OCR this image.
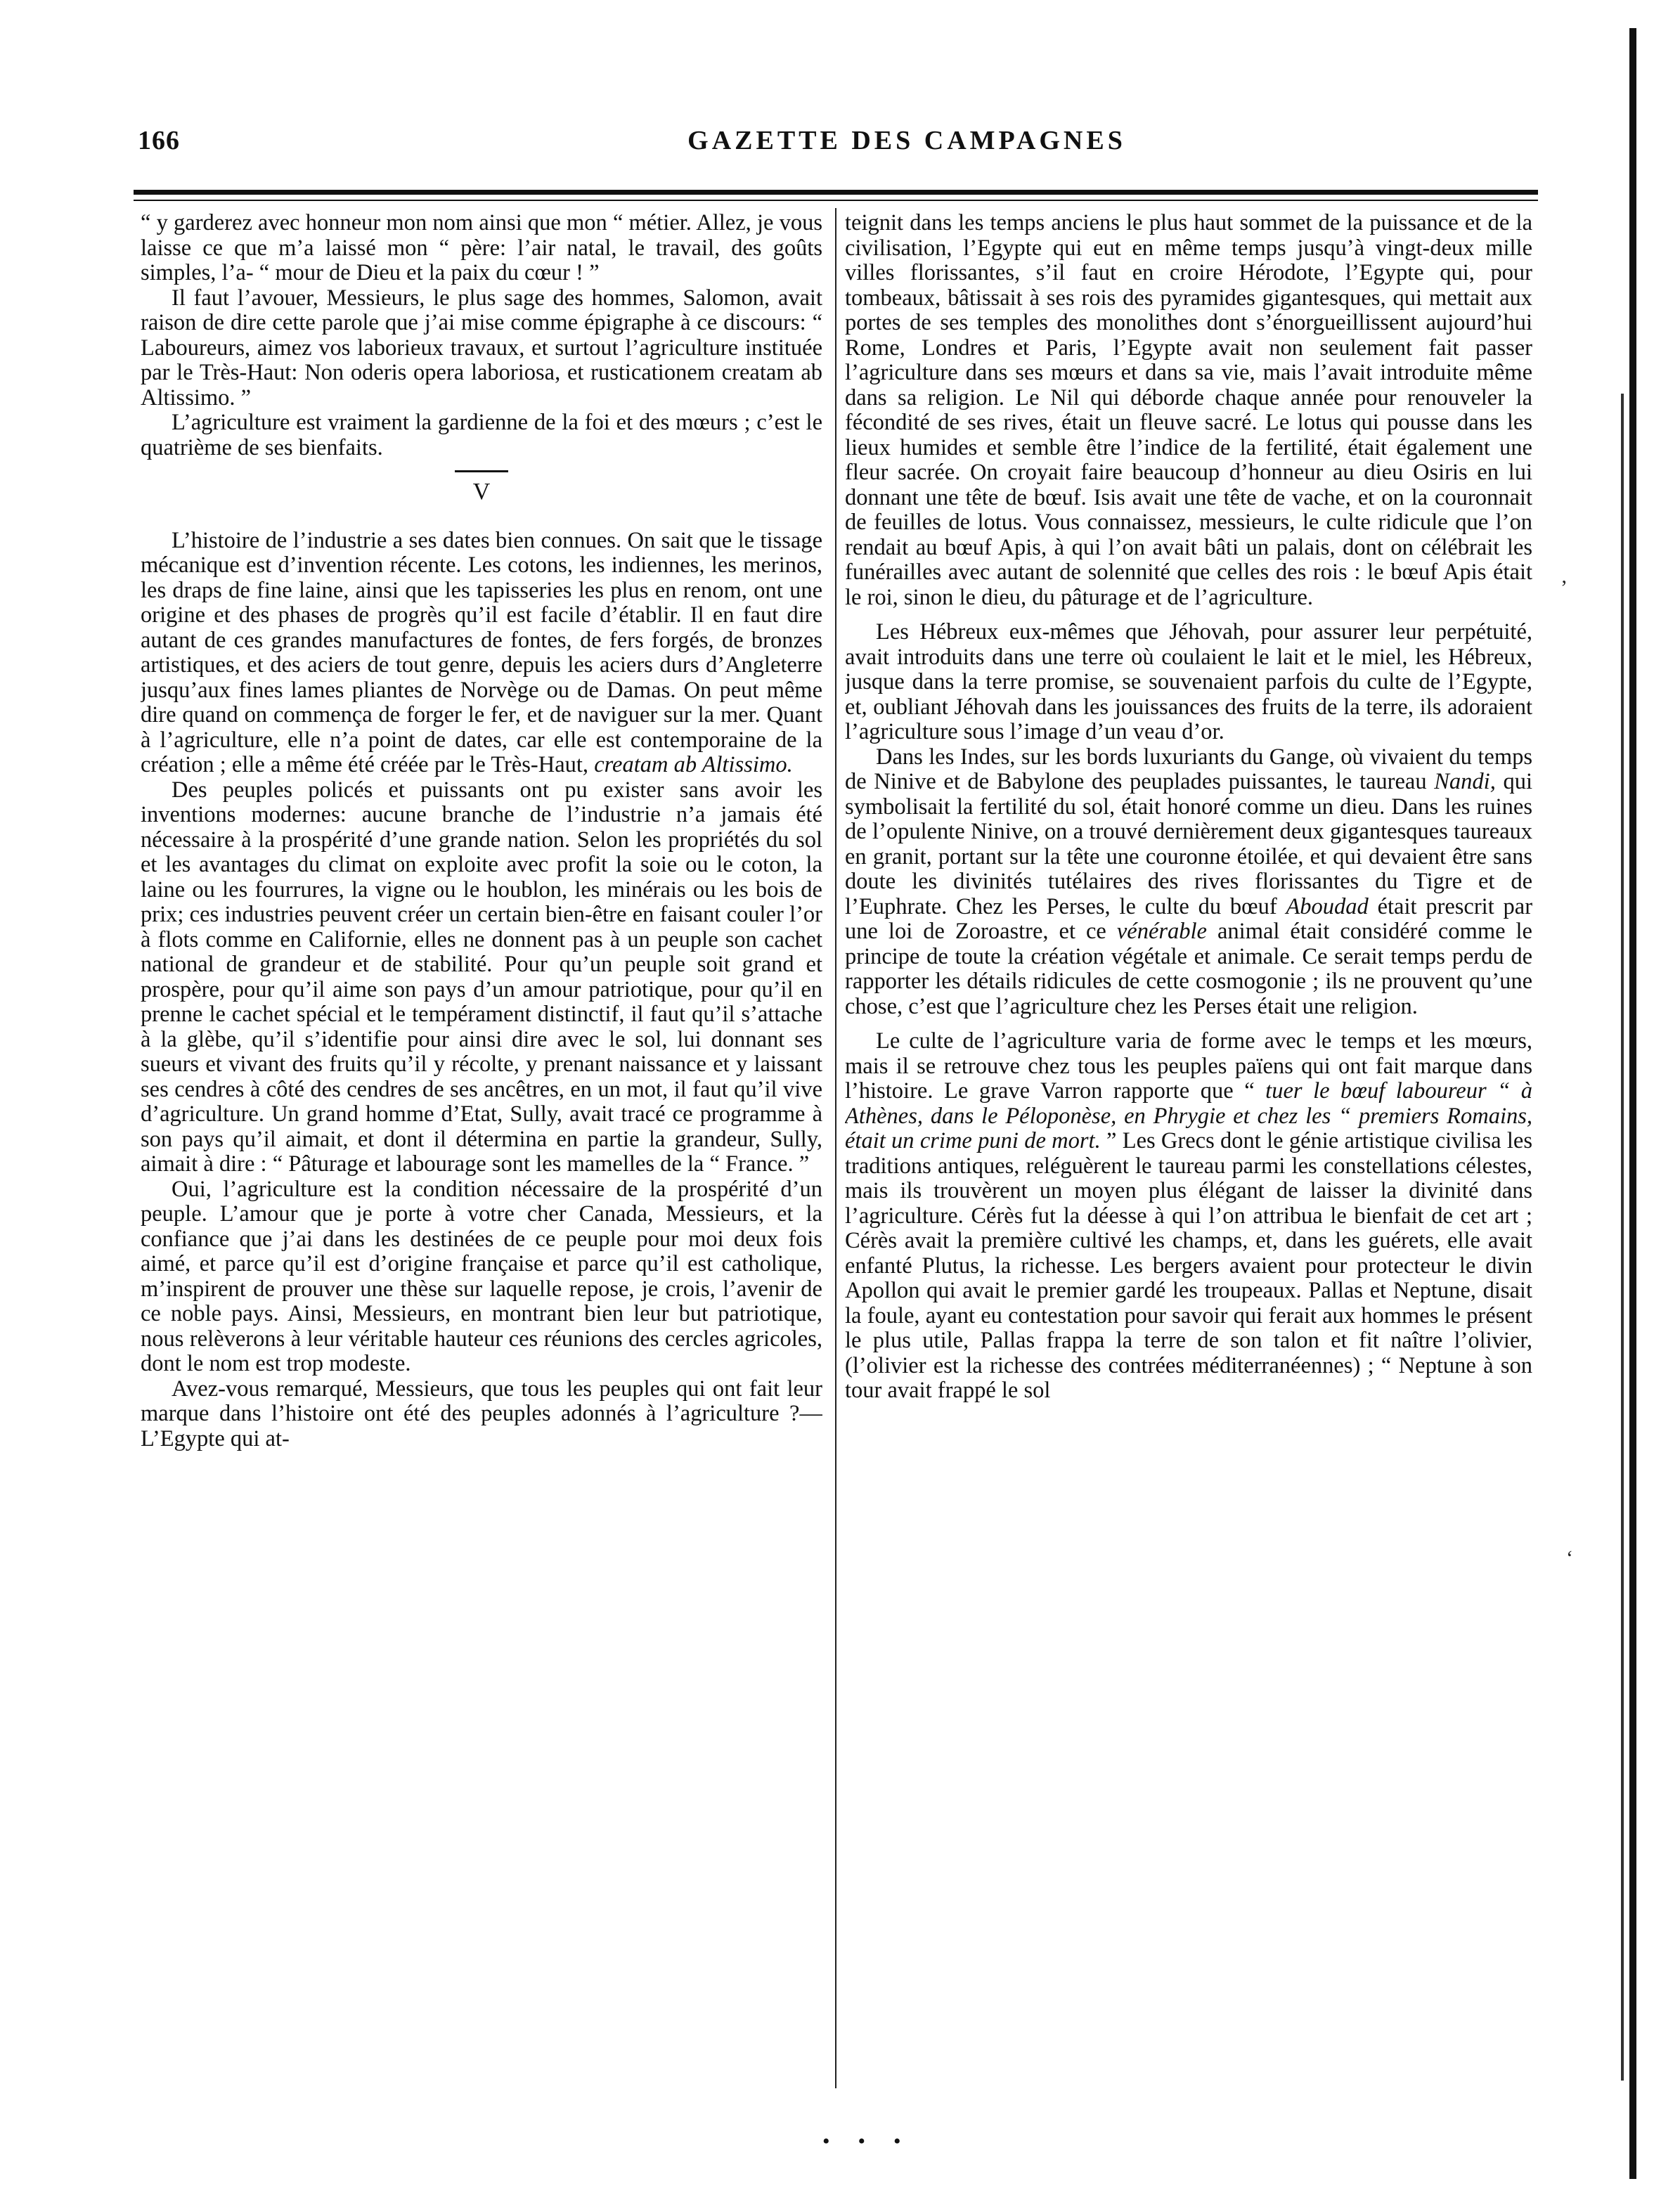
166	GAZETTE DES CAMPAGNES

“ y garderez avec honneur mon nom ainsi que mon “ métier. Allez, je vous laisse ce que m’a laissé mon “ père: l’air natal, le travail, des goûts simples, l’a- “ mour de Dieu et la paix du cœur ! ”

Il faut l’avouer, Messieurs, le plus sage des hommes, Salomon, avait raison de dire cette parole que j’ai mise comme épigraphe à ce discours: “ Laboureurs, aimez vos laborieux travaux, et surtout l’agriculture instituée par le Très-Haut: Non oderis opera laboriosa, et rusticationem creatam ab Altissimo. ”

L’agriculture est vraiment la gardienne de la foi et des mœurs ; c’est le quatrième de ses bienfaits.

V

L’histoire de l’industrie a ses dates bien connues. On sait que le tissage mécanique est d’invention récente. Les cotons, les indiennes, les merinos, les draps de fine laine, ainsi que les tapisseries les plus en renom, ont une origine et des phases de progrès qu’il est facile d’établir. Il en faut dire autant de ces grandes manufactures de fontes, de fers forgés, de bronzes artistiques, et des aciers de tout genre, depuis les aciers durs d’Angleterre jusqu’aux fines lames pliantes de Norvège ou de Damas. On peut même dire quand on commença de forger le fer, et de naviguer sur la mer. Quant à l’agriculture, elle n’a point de dates, car elle est contemporaine de la création ; elle a même été créée par le Très-Haut, creatam ab Altissimo.

Des peuples policés et puissants ont pu exister sans avoir les inventions modernes: aucune branche de l’industrie n’a jamais été nécessaire à la prospérité d’une grande nation. Selon les propriétés du sol et les avantages du climat on exploite avec profit la soie ou le coton, la laine ou les fourrures, la vigne ou le houblon, les minérais ou les bois de prix; ces industries peuvent créer un certain bien-être en faisant couler l’or à flots comme en Californie, elles ne donnent pas à un peuple son cachet national de grandeur et de stabilité. Pour qu’un peuple soit grand et prospère, pour qu’il aime son pays d’un amour patriotique, pour qu’il en prenne le cachet spécial et le tempérament distinctif, il faut qu’il s’attache à la glèbe, qu’il s’identifie pour ainsi dire avec le sol, lui donnant ses sueurs et vivant des fruits qu’il y récolte, y prenant naissance et y laissant ses cendres à côté des cendres de ses ancêtres, en un mot, il faut qu’il vive d’agriculture. Un grand homme d’Etat, Sully, avait tracé ce programme à son pays qu’il aimait, et dont il détermina en partie la grandeur, Sully, aimait à dire : “ Pâturage et labourage sont les mamelles de la “ France. ”

Oui, l’agriculture est la condition nécessaire de la prospérité d’un peuple. L’amour que je porte à votre cher Canada, Messieurs, et la confiance que j’ai dans les destinées de ce peuple pour moi deux fois aimé, et parce qu’il est d’origine française et parce qu’il est catholique, m’inspirent de prouver une thèse sur laquelle repose, je crois, l’avenir de ce noble pays. Ainsi, Messieurs, en montrant bien leur but patriotique, nous relèverons à leur véritable hauteur ces réunions des cercles agricoles, dont le nom est trop modeste.

Avez-vous remarqué, Messieurs, que tous les peuples qui ont fait leur marque dans l’histoire ont été des peuples adonnés à l’agriculture ?—L’Egypte qui at-

teignit dans les temps anciens le plus haut sommet de la puissance et de la civilisation, l’Egypte qui eut en même temps jusqu’à vingt-deux mille villes florissantes, s’il faut en croire Hérodote, l’Egypte qui, pour tombeaux, bâtissait à ses rois des pyramides gigantesques, qui mettait aux portes de ses temples des monolithes dont s’énorgueillissent aujourd’hui Rome, Londres et Paris, l’Egypte avait non seulement fait passer l’agriculture dans ses mœurs et dans sa vie, mais l’avait introduite même dans sa religion. Le Nil qui déborde chaque année pour renouveler la fécondité de ses rives, était un fleuve sacré. Le lotus qui pousse dans les lieux humides et semble être l’indice de la fertilité, était également une fleur sacrée. On croyait faire beaucoup d’honneur au dieu Osiris en lui donnant une tête de bœuf. Isis avait une tête de vache, et on la couronnait de feuilles de lotus. Vous connaissez, messieurs, le culte ridicule que l’on rendait au bœuf Apis, à qui l’on avait bâti un palais, dont on célébrait les funérailles avec autant de solennité que celles des rois : le bœuf Apis était le roi, sinon le dieu, du pâturage et de l’agriculture.

Les Hébreux eux-mêmes que Jéhovah, pour assurer leur perpétuité, avait introduits dans une terre où coulaient le lait et le miel, les Hébreux, jusque dans la terre promise, se souvenaient parfois du culte de l’Egypte, et, oubliant Jéhovah dans les jouissances des fruits de la terre, ils adoraient l’agriculture sous l’image d’un veau d’or.

Dans les Indes, sur les bords luxuriants du Gange, où vivaient du temps de Ninive et de Babylone des peuplades puissantes, le taureau Nandi, qui symbolisait la fertilité du sol, était honoré comme un dieu. Dans les ruines de l’opulente Ninive, on a trouvé dernièrement deux gigantesques taureaux en granit, portant sur la tête une couronne étoilée, et qui devaient être sans doute les divinités tutélaires des rives florissantes du Tigre et de l’Euphrate. Chez les Perses, le culte du bœuf Aboudad était prescrit par une loi de Zoroastre, et ce vénérable animal était considéré comme le principe de toute la création végétale et animale. Ce serait temps perdu de rapporter les détails ridicules de cette cosmogonie ; ils ne prouvent qu’une chose, c’est que l’agriculture chez les Perses était une religion.

Le culte de l’agriculture varia de forme avec le temps et les mœurs, mais il se retrouve chez tous les peuples païens qui ont fait marque dans l’histoire. Le grave Varron rapporte que “ tuer le bœuf laboureur “ à Athènes, dans le Péloponèse, en Phrygie et chez les “ premiers Romains, était un crime puni de mort. ” Les Grecs dont le génie artistique civilisa les traditions antiques, reléguèrent le taureau parmi les constellations célestes, mais ils trouvèrent un moyen plus élégant de laisser la divinité dans l’agriculture. Cérès fut la déesse à qui l’on attribua le bienfait de cet art ; Cérès avait la première cultivé les champs, et, dans les guérets, elle avait enfanté Plutus, la richesse. Les bergers avaient pour protecteur le divin Apollon qui avait le premier gardé les troupeaux. Pallas et Neptune, disait la foule, ayant eu contestation pour savoir qui ferait aux hommes le présent le plus utile, Pallas frappa la terre de son talon et fit naître l’olivier, (l’olivier est la richesse des contrées méditerranéennes) ; “ Neptune à son tour avait frappé le sol

ʼ
‘
•••
